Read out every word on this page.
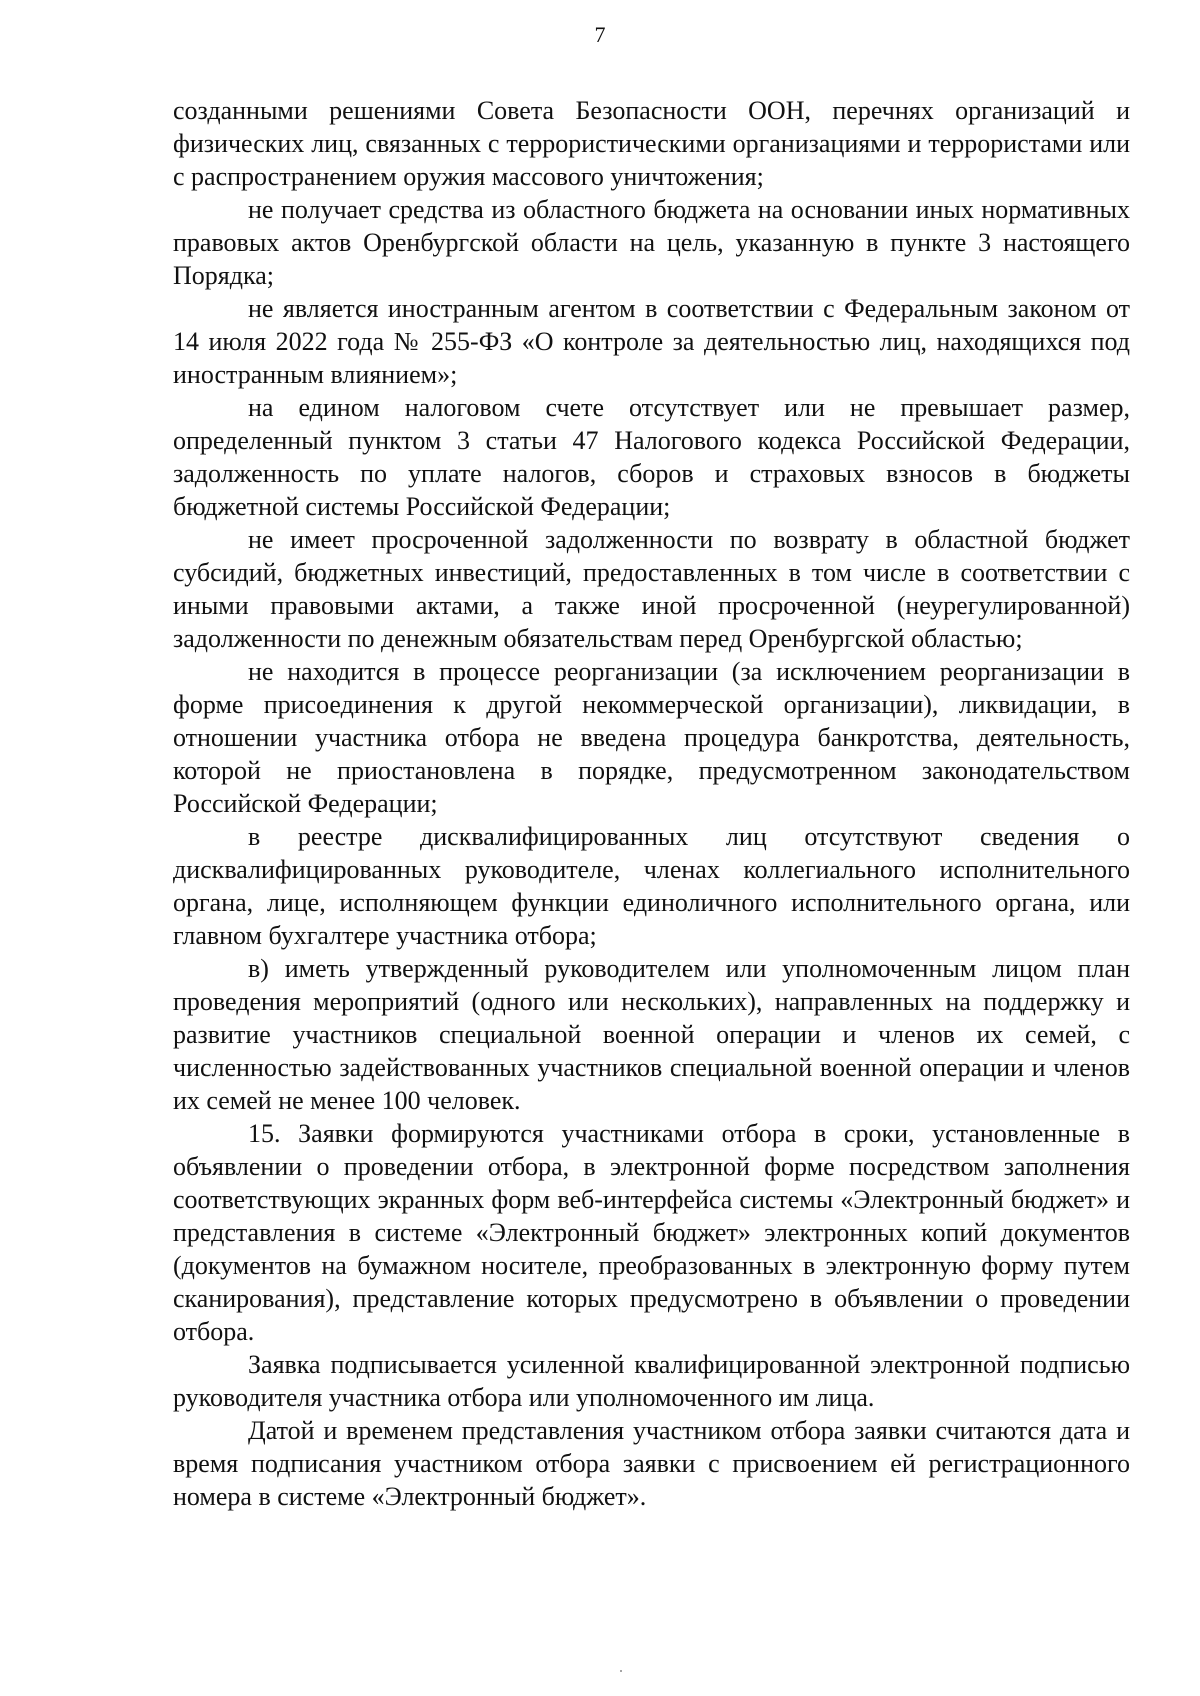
7

созданными решениями Совета Безопасности ООН, перечнях организаций и физических лиц, связанных с террористическими организациями и террористами или с распространением оружия массового уничтожения;

не получает средства из областного бюджета на основании иных нормативных правовых актов Оренбургской области на цель, указанную в пункте 3 настоящего Порядка;

не является иностранным агентом в соответствии с Федеральным законом от 14 июля 2022 года № 255-ФЗ «О контроле за деятельностью лиц, находящихся под иностранным влиянием»;

на едином налоговом счете отсутствует или не превышает размер, определенный пунктом 3 статьи 47 Налогового кодекса Российской Федерации, задолженность по уплате налогов, сборов и страховых взносов в бюджеты бюджетной системы Российской Федерации;

не имеет просроченной задолженности по возврату в областной бюджет субсидий, бюджетных инвестиций, предоставленных в том числе в соответствии с иными правовыми актами, а также иной просроченной (неурегулированной) задолженности по денежным обязательствам перед Оренбургской областью;

не находится в процессе реорганизации (за исключением реорганизации в форме присоединения к другой некоммерческой организации), ликвидации, в отношении участника отбора не введена процедура банкротства, деятельность, которой не приостановлена в порядке, предусмотренном законодательством Российской Федерации;

в реестре дисквалифицированных лиц отсутствуют сведения о дисквалифицированных руководителе, членах коллегиального исполнительного органа, лице, исполняющем функции единоличного исполнительного органа, или главном бухгалтере участника отбора;

в) иметь утвержденный руководителем или уполномоченным лицом план проведения мероприятий (одного или нескольких), направленных на поддержку и развитие участников специальной военной операции и членов их семей, с численностью задействованных участников специальной военной операции и членов их семей не менее 100 человек.

15. Заявки формируются участниками отбора в сроки, установленные в объявлении о проведении отбора, в электронной форме посредством заполнения соответствующих экранных форм веб-интерфейса системы «Электронный бюджет» и представления в системе «Электронный бюджет» электронных копий документов (документов на бумажном носителе, преобразованных в электронную форму путем сканирования), представление которых предусмотрено в объявлении о проведении отбора.

Заявка подписывается усиленной квалифицированной электронной подписью руководителя участника отбора или уполномоченного им лица.

Датой и временем представления участником отбора заявки считаются дата и время подписания участником отбора заявки с присвоением ей регистрационного номера в системе «Электронный бюджет».
